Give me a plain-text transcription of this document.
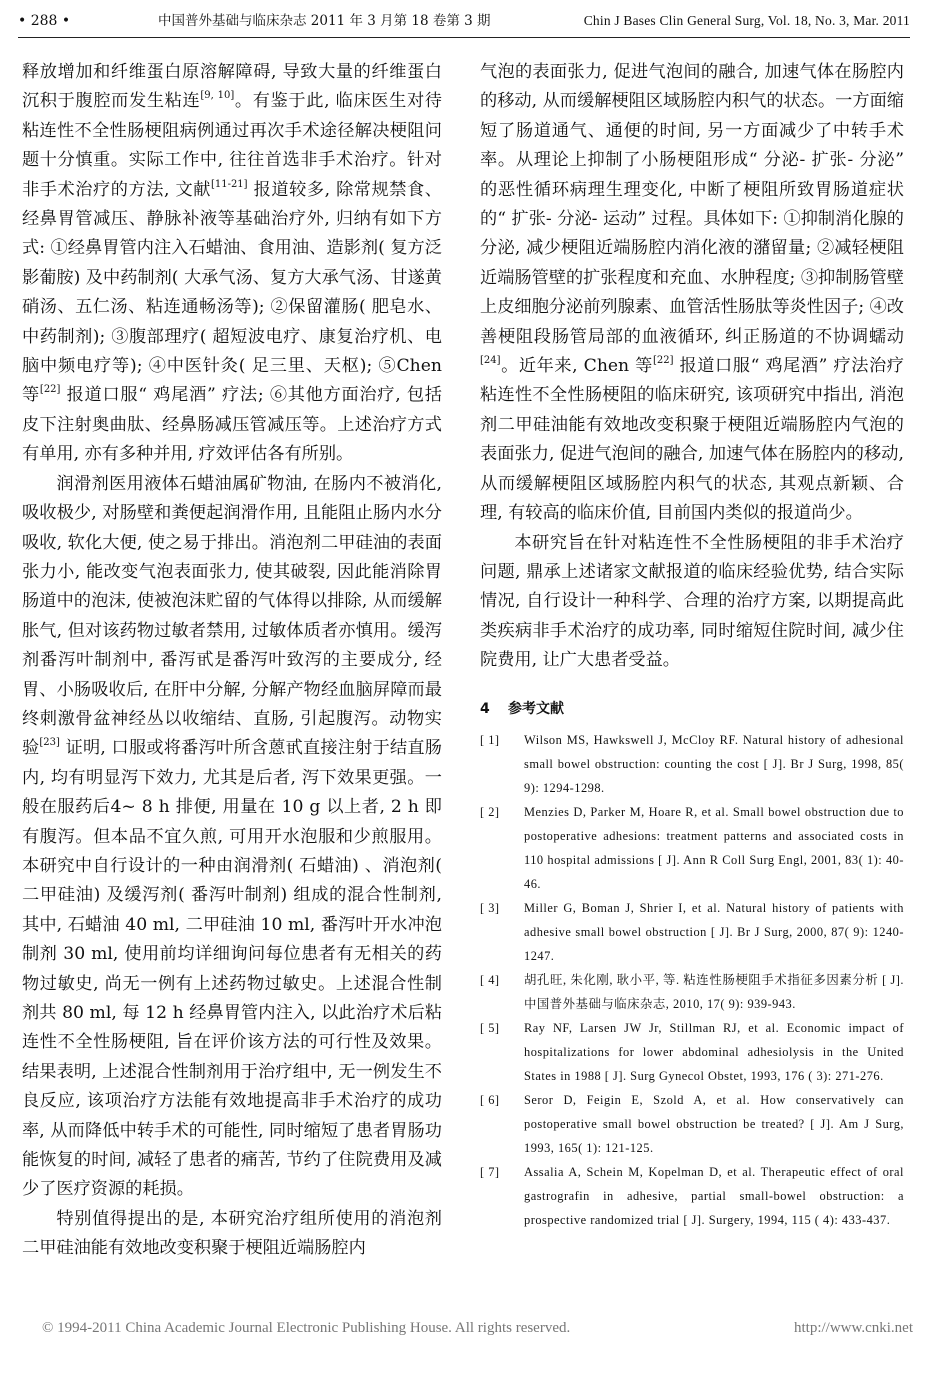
• 288 •	中国普外基础与临床杂志 2011 年 3 月第 18 卷第 3 期	Chin J Bases Clin General Surg, Vol. 18, No. 3, Mar. 2011

释放增加和纤维蛋白原溶解障碍, 导致大量的纤维蛋白沉积于腹腔而发生粘连[9, 10]。有鉴于此, 临床医生对待粘连性不全性肠梗阻病例通过再次手术途径解决梗阻问题十分慎重。实际工作中, 往往首选非手术治疗。针对非手术治疗的方法, 文献[11-21] 报道较多, 除常规禁食、经鼻胃管减压、静脉补液等基础治疗外, 归纳有如下方式: ①经鼻胃管内注入石蜡油、食用油、造影剂( 复方泛影葡胺) 及中药制剂( 大承气汤、复方大承气汤、甘遂黄硝汤、五仁汤、粘连通畅汤等); ②保留灌肠( 肥皂水、中药制剂); ③腹部理疗( 超短波电疗、康复治疗机、电脑中频电疗等); ④中医针灸( 足三里、天枢); ⑤Chen 等[22] 报道口服“ 鸡尾酒” 疗法; ⑥其他方面治疗, 包括皮下注射奥曲肽、经鼻肠减压管减压等。上述治疗方式有单用, 亦有多种并用, 疗效评估各有所别。

润滑剂医用液体石蜡油属矿物油, 在肠内不被消化, 吸收极少, 对肠壁和粪便起润滑作用, 且能阻止肠内水分吸收, 软化大便, 使之易于排出。消泡剂二甲硅油的表面张力小, 能改变气泡表面张力, 使其破裂, 因此能消除胃肠道中的泡沫, 使被泡沫贮留的气体得以排除, 从而缓解胀气, 但对该药物过敏者禁用, 过敏体质者亦慎用。缓泻剂番泻叶制剂中, 番泻甙是番泻叶致泻的主要成分, 经胃、小肠吸收后, 在肝中分解, 分解产物经血脑屏障而最终刺激骨盆神经丛以收缩结、直肠, 引起腹泻。动物实验[23] 证明, 口服或将番泻叶所含蒽甙直接注射于结直肠内, 均有明显泻下效力, 尤其是后者, 泻下效果更强。一般在服药后4~ 8 h 排便, 用量在 10 g 以上者, 2 h 即有腹泻。但本品不宜久煎, 可用开水泡服和少煎服用。本研究中自行设计的一种由润滑剂( 石蜡油) 、消泡剂( 二甲硅油) 及缓泻剂( 番泻叶制剂) 组成的混合性制剂, 其中, 石蜡油 40 ml, 二甲硅油 10 ml, 番泻叶开水冲泡制剂 30 ml, 使用前均详细询问每位患者有无相关的药物过敏史, 尚无一例有上述药物过敏史。上述混合性制剂共 80 ml, 每 12 h 经鼻胃管内注入, 以此治疗术后粘连性不全性肠梗阻, 旨在评价该方法的可行性及效果。结果表明, 上述混合性制剂用于治疗组中, 无一例发生不良反应, 该项治疗方法能有效地提高非手术治疗的成功率, 从而降低中转手术的可能性, 同时缩短了患者胃肠功能恢复的时间, 减轻了患者的痛苦, 节约了住院费用及减少了医疗资源的耗损。

特别值得提出的是, 本研究治疗组所使用的消泡剂二甲硅油能有效地改变积聚于梗阻近端肠腔内

气泡的表面张力, 促进气泡间的融合, 加速气体在肠腔内的移动, 从而缓解梗阻区域肠腔内积气的状态。一方面缩短了肠道通气、通便的时间, 另一方面减少了中转手术率。从理论上抑制了小肠梗阻形成“ 分泌- 扩张- 分泌” 的恶性循环病理生理变化, 中断了梗阻所致胃肠道症状的“ 扩张- 分泌- 运动” 过程。具体如下: ①抑制消化腺的分泌, 减少梗阻近端肠腔内消化液的潴留量; ②减轻梗阻近端肠管壁的扩张程度和充血、水肿程度; ③抑制肠管壁上皮细胞分泌前列腺素、血管活性肠肽等炎性因子; ④改善梗阻段肠管局部的血液循环, 纠正肠道的不协调蠕动[24]。近年来, Chen 等[22] 报道口服“ 鸡尾酒” 疗法治疗粘连性不全性肠梗阻的临床研究, 该项研究中指出, 消泡剂二甲硅油能有效地改变积聚于梗阻近端肠腔内气泡的表面张力, 促进气泡间的融合, 加速气体在肠腔内的移动, 从而缓解梗阻区域肠腔内积气的状态, 其观点新颖、合理, 有较高的临床价值, 目前国内类似的报道尚少。

本研究旨在针对粘连性不全性肠梗阻的非手术治疗问题, 鼎承上述诸家文献报道的临床经验优势, 结合实际情况, 自行设计一种科学、合理的治疗方案, 以期提高此类疾病非手术治疗的成功率, 同时缩短住院时间, 减少住院费用, 让广大患者受益。

4 参考文献
[ 1] Wilson MS, Hawkswell J, McCloy RF. Natural history of adhesional small bowel obstruction: counting the cost [ J]. Br J Surg, 1998, 85( 9): 1294-1298.
[ 2] Menzies D, Parker M, Hoare R, et al. Small bowel obstruction due to postoperative adhesions: treatment patterns and associated costs in 110 hospital admissions [ J]. Ann R Coll Surg Engl, 2001, 83( 1): 40-46.
[ 3] Miller G, Boman J, Shrier I, et al. Natural history of patients with adhesive small bowel obstruction [ J]. Br J Surg, 2000, 87( 9): 1240-1247.
[ 4] 胡孔旺, 朱化刚, 耿小平, 等. 粘连性肠梗阻手术指征多因素分析 [ J]. 中国普外基础与临床杂志, 2010, 17( 9): 939-943.
[ 5] Ray NF, Larsen JW Jr, Stillman RJ, et al. Economic impact of hospitalizations for lower abdominal adhesiolysis in the United States in 1988 [ J]. Surg Gynecol Obstet, 1993, 176 ( 3): 271-276.
[ 6] Seror D, Feigin E, Szold A, et al. How conservatively can postoperative small bowel obstruction be treated? [ J]. Am J Surg, 1993, 165( 1): 121-125.
[ 7] Assalia A, Schein M, Kopelman D, et al. Therapeutic effect of oral gastrografin in adhesive, partial small-bowel obstruction: a prospective randomized trial [ J]. Surgery, 1994, 115 ( 4): 433-437.
© 1994-2011 China Academic Journal Electronic Publishing House. All rights reserved.	http://www.cnki.net
